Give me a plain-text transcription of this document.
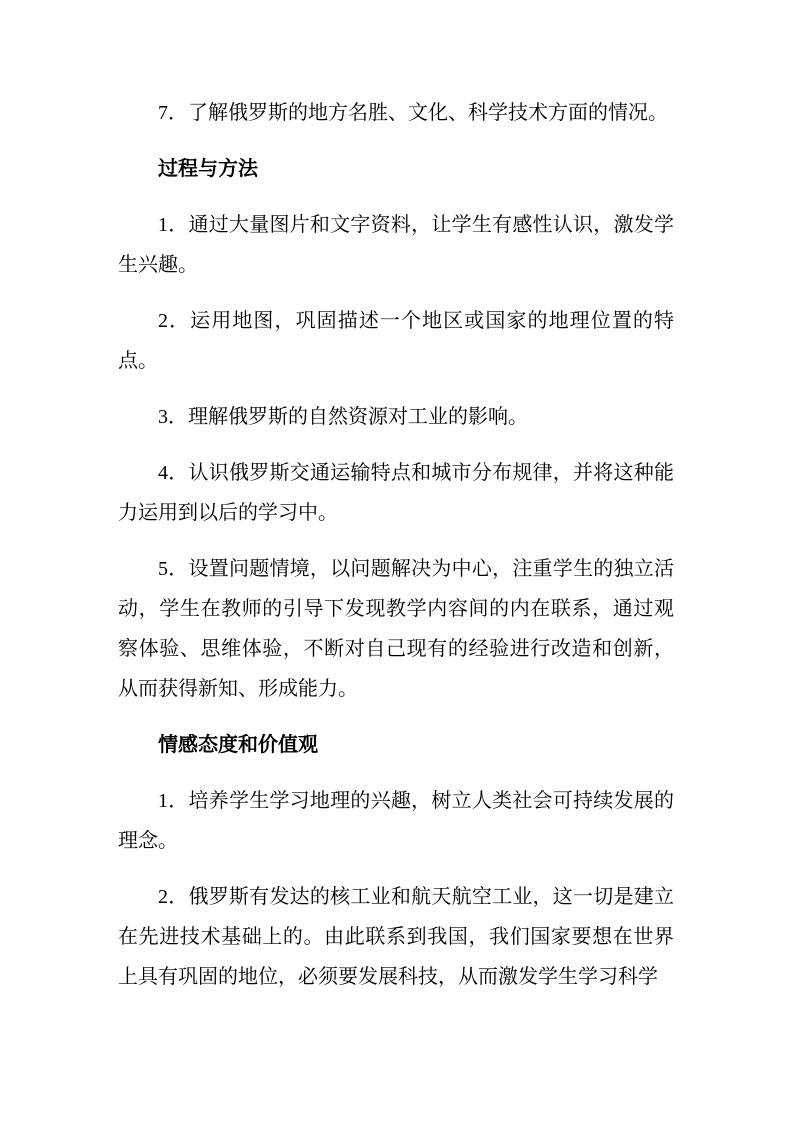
7．了解俄罗斯的地方名胜、文化、科学技术方面的情况。

过程与方法

1．通过大量图片和文字资料，让学生有感性认识，激发学生兴趣。

2．运用地图，巩固描述一个地区或国家的地理位置的特点。

3．理解俄罗斯的自然资源对工业的影响。

4．认识俄罗斯交通运输特点和城市分布规律，并将这种能力运用到以后的学习中。

5．设置问题情境，以问题解决为中心，注重学生的独立活动，学生在教师的引导下发现教学内容间的内在联系，通过观察体验、思维体验，不断对自己现有的经验进行改造和创新，从而获得新知、形成能力。

情感态度和价值观

1．培养学生学习地理的兴趣，树立人类社会可持续发展的理念。

2．俄罗斯有发达的核工业和航天航空工业，这一切是建立在先进技术基础上的。由此联系到我国，我们国家要想在世界上具有巩固的地位，必须要发展科技，从而激发学生学习科学
